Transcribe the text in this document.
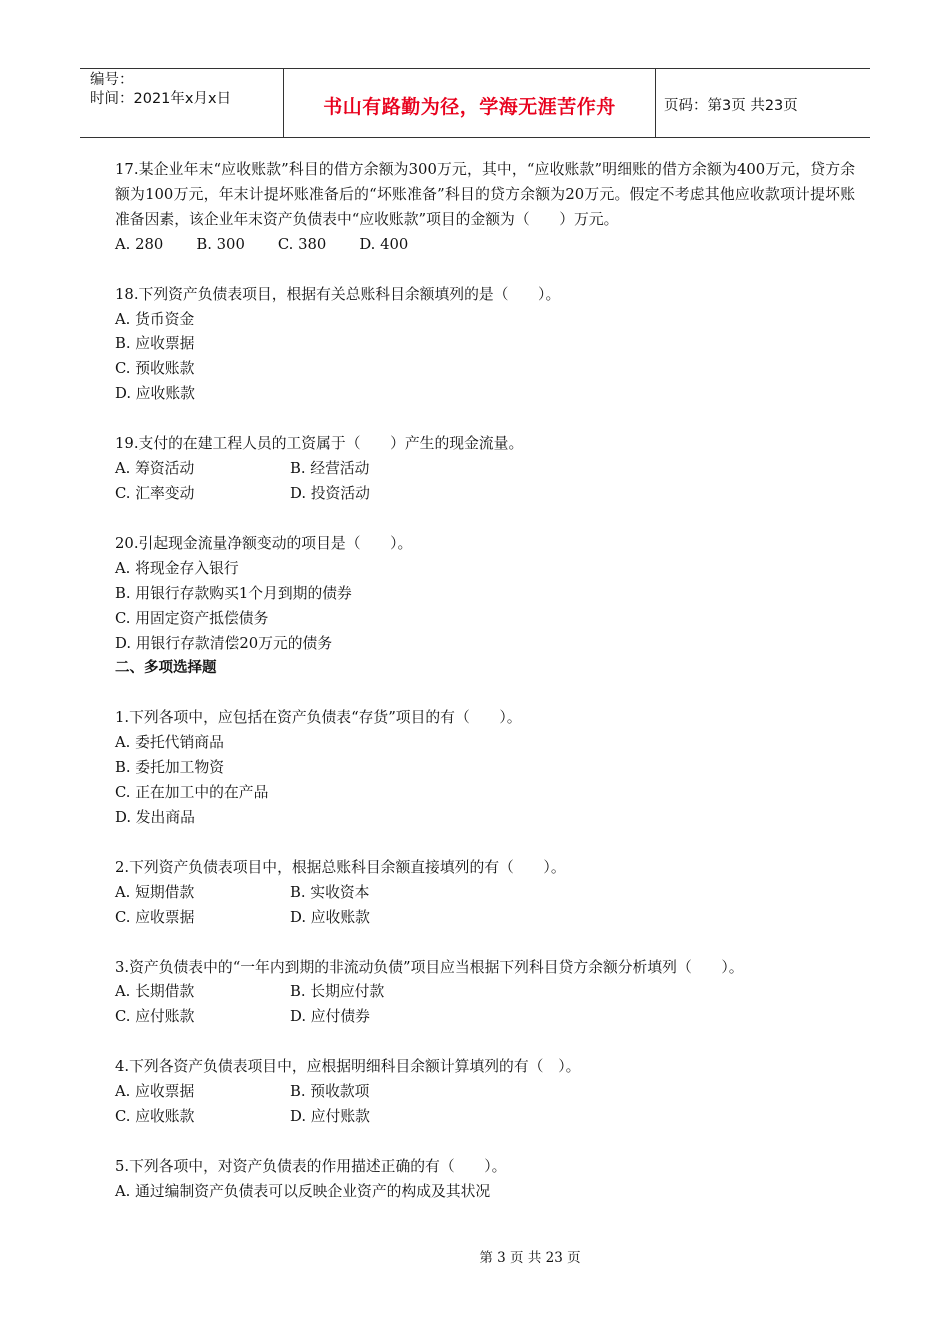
编号：
时间：2021年x月x日	书山有路勤为径，学海无涯苦作舟	页码：第3页 共23页
17.某企业年末“应收账款”科目的借方余额为300万元，其中，“应收账款”明细账的借方余额为400万元，贷方余额为100万元，年末计提坏账准备后的“坏账准备”科目的贷方余额为20万元。假定不考虑其他应收款项计提坏账准备因素，该企业年末资产负债表中“应收账款”项目的金额为（　　）万元。
A. 280 B. 300 C. 380 D. 400
18.下列资产负债表项目，根据有关总账科目余额填列的是（　　）。
A. 货币资金
B. 应收票据
C. 预收账款
D. 应收账款
19.支付的在建工程人员的工资属于（　　）产生的现金流量。
A. 筹资活动	B. 经营活动
C. 汇率变动	D. 投资活动
20.引起现金流量净额变动的项目是（　　）。
A. 将现金存入银行
B. 用银行存款购买1个月到期的债券
C. 用固定资产抵偿债务
D. 用银行存款清偿20万元的债务
二、多项选择题
1.下列各项中，应包括在资产负债表“存货”项目的有（　　）。
A. 委托代销商品
B. 委托加工物资
C. 正在加工中的在产品
D. 发出商品
2.下列资产负债表项目中，根据总账科目余额直接填列的有（　　）。
A. 短期借款	B. 实收资本
C. 应收票据	D. 应收账款
3.资产负债表中的“一年内到期的非流动负债”项目应当根据下列科目贷方余额分析填列（　　）。
A. 长期借款	B. 长期应付款
C. 应付账款	D. 应付债券
4.下列各资产负债表项目中，应根据明细科目余额计算填列的有（　）。
A. 应收票据	B. 预收款项
C. 应收账款	D. 应付账款
5.下列各项中，对资产负债表的作用描述正确的有（　　）。
A. 通过编制资产负债表可以反映企业资产的构成及其状况
第 3 页 共 23 页
